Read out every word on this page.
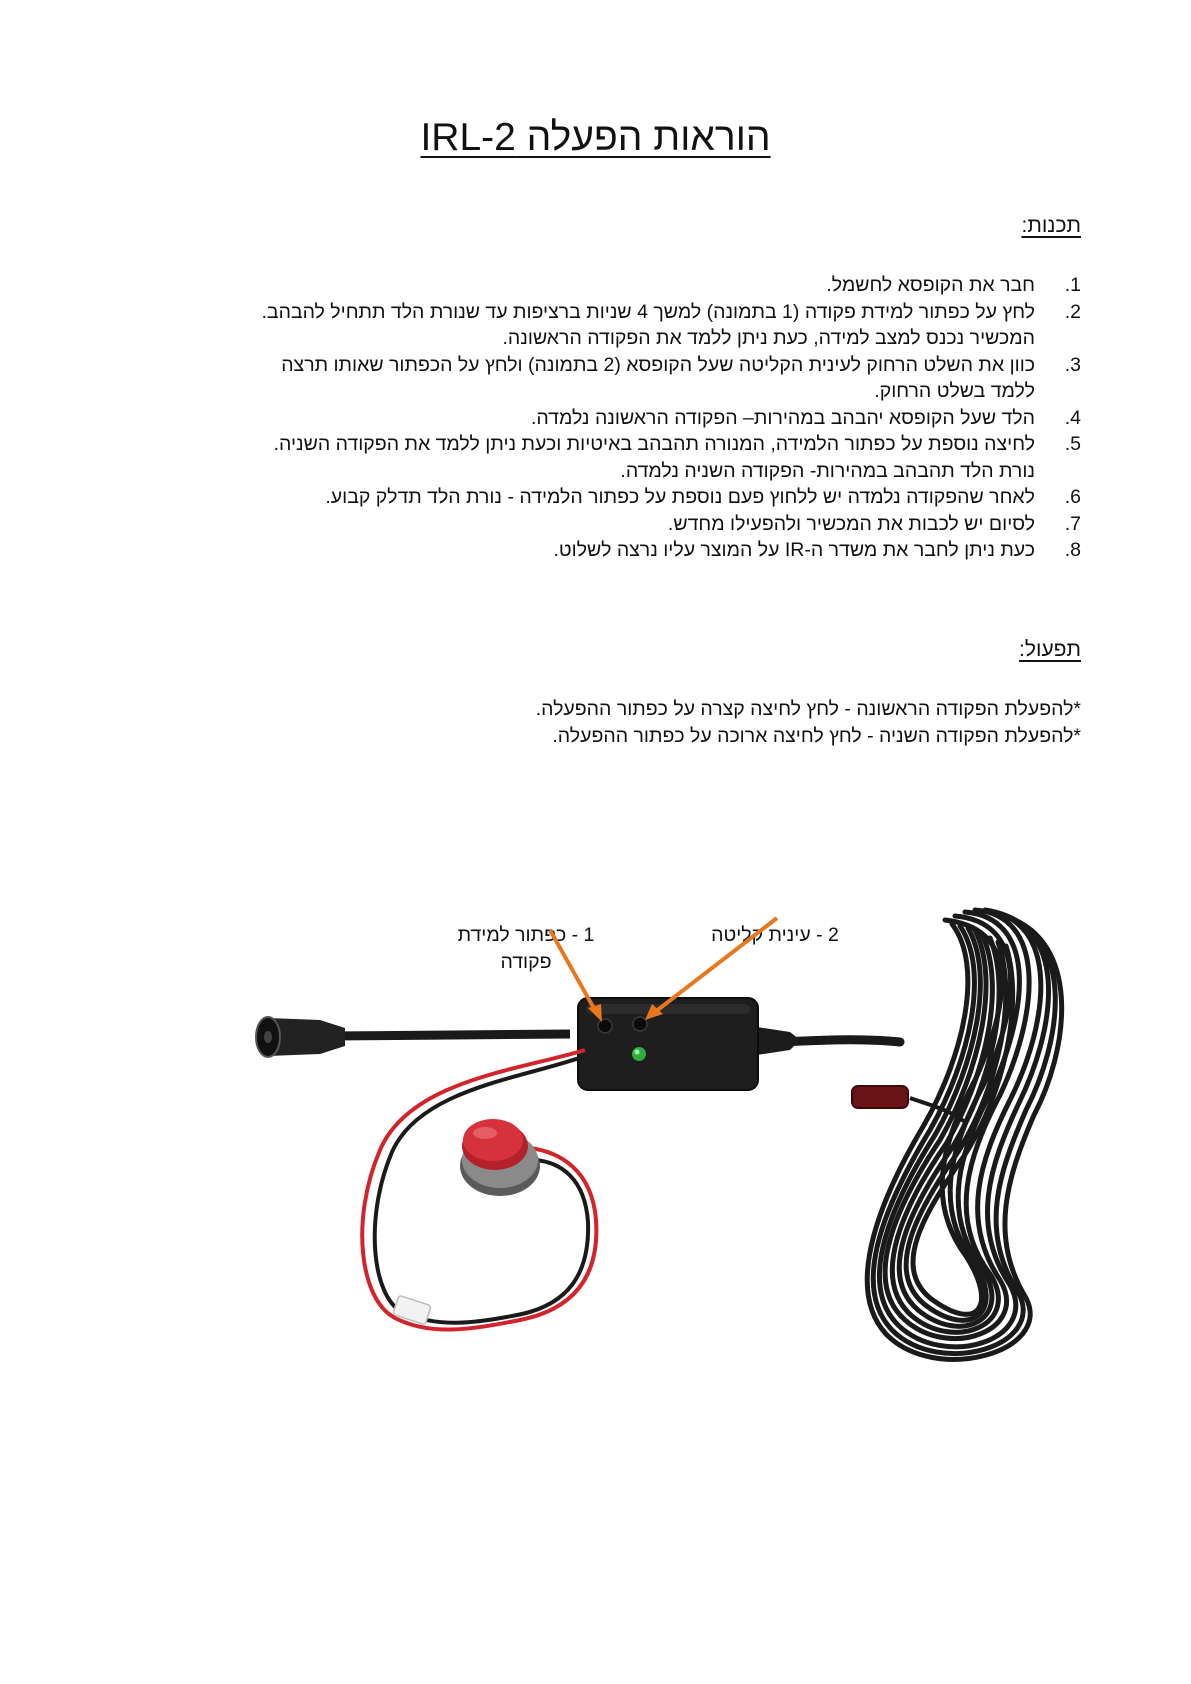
הוראות הפעלה IRL-2
תכנות:
.1
חבר את הקופסא לחשמל.
.2
לחץ על כפתור למידת פקודה (1 בתמונה) למשך 4 שניות ברציפות עד שנורת הלד תתחיל להבהב.
המכשיר נכנס למצב למידה, כעת ניתן ללמד את הפקודה הראשונה.
.3
כוון את השלט הרחוק לעינית הקליטה שעל הקופסא (2 בתמונה) ולחץ על הכפתור שאותו תרצה
ללמד בשלט הרחוק.
.4
הלד שעל הקופסא יהבהב במהירות– הפקודה הראשונה נלמדה.
.5
לחיצה נוספת על כפתור הלמידה, המנורה תהבהב באיטיות וכעת ניתן ללמד את הפקודה השניה.
נורת הלד תהבהב במהירות- הפקודה השניה נלמדה.
.6
לאחר שהפקודה נלמדה יש ללחוץ פעם נוספת על כפתור הלמידה - נורת הלד תדלק קבוע.
.7
לסיום יש לכבות את המכשיר ולהפעילו מחדש.
.8
כעת ניתן לחבר את משדר ה-IR על המוצר עליו נרצה לשלוט.
תפעול:

*להפעלת הפקודה הראשונה - לחץ לחיצה קצרה על כפתור ההפעלה.

*להפעלת הפקודה השניה - לחץ לחיצה ארוכה על כפתור ההפעלה.

1 - כפתור למידת
פקודה
2 - עינית קליטה
